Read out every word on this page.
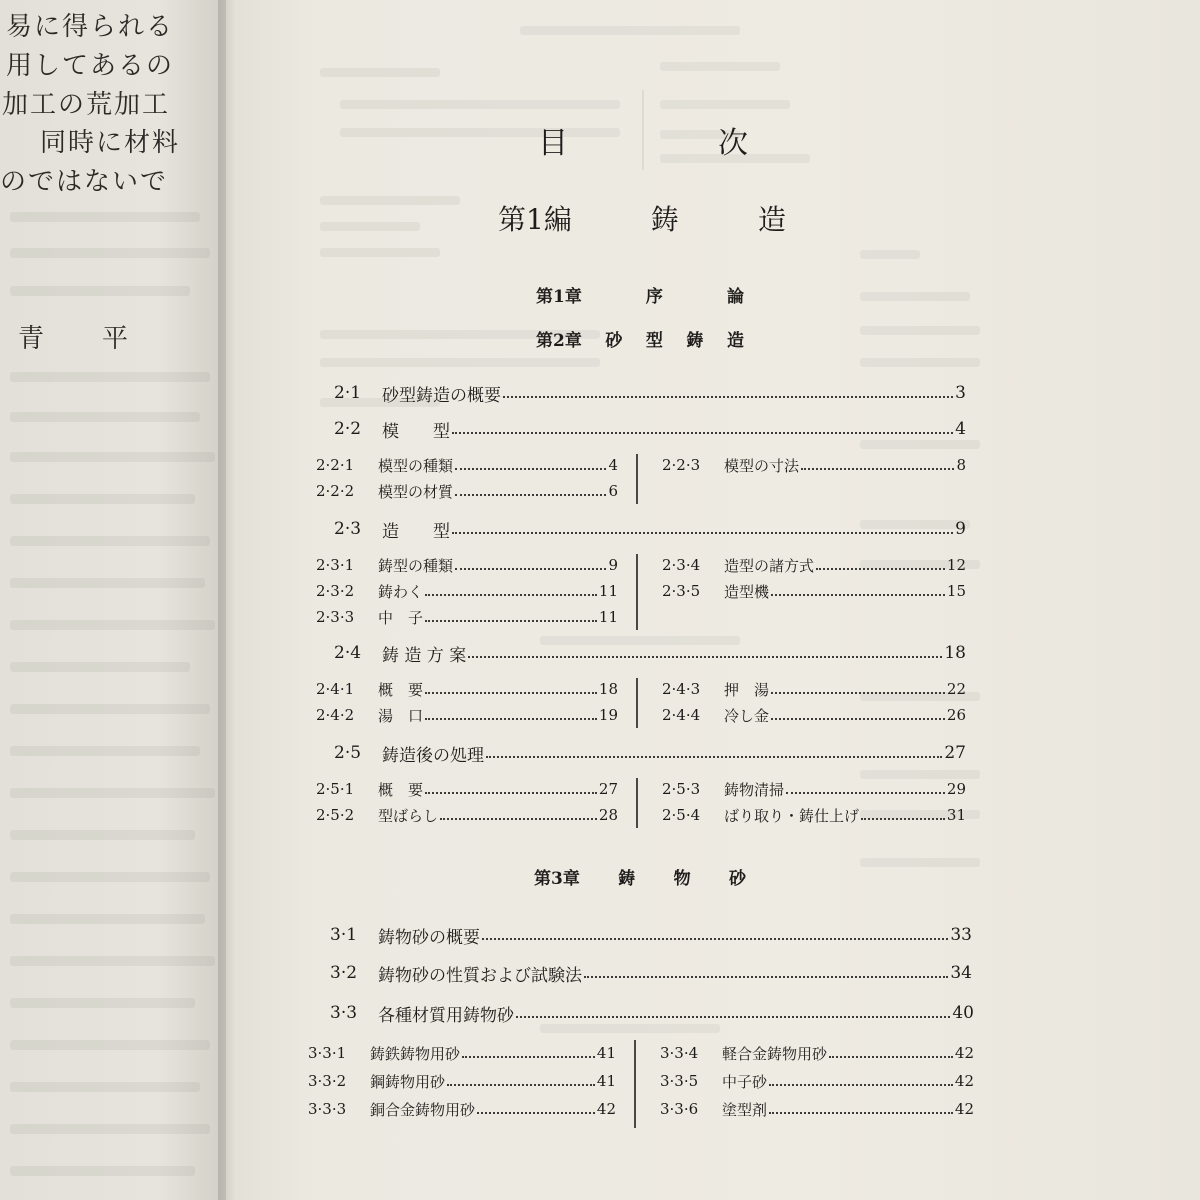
易に得られる
用してあるの
加工の荒加工
同時に材料
のではないで
青　　平
目	次
第1編	鋳	造
第1章	序	論
第2章 砂 型 鋳 造
2·1	砂型鋳造の概要	3
2·2	模　　型	4
2·2·1	模型の種類	4
2·2·2	模型の材質	6
2·2·3	模型の寸法	8
2·3	造　　型	9
2·3·1	鋳型の種類	9
2·3·2	鋳わく	11
2·3·3	中　子	11
2·3·4	造型の諸方式	12
2·3·5	造型機	15
2·4	鋳 造 方 案	18
2·4·1	概　要	18
2·4·2	湯　口	19
2·4·3	押　湯	22
2·4·4	冷し金	26
2·5	鋳造後の処理	27
2·5·1	概　要	27
2·5·2	型ばらし	28
2·5·3	鋳物清掃	29
2·5·4	ばり取り・鋳仕上げ	31
第3章 鋳 物 砂
3·1	鋳物砂の概要	33
3·2	鋳物砂の性質および試験法	34
3·3	各種材質用鋳物砂	40
3·3·1	鋳鉄鋳物用砂	41
3·3·2	鋼鋳物用砂	41
3·3·3	銅合金鋳物用砂	42
3·3·4	軽合金鋳物用砂	42
3·3·5	中子砂	42
3·3·6	塗型剤	42
